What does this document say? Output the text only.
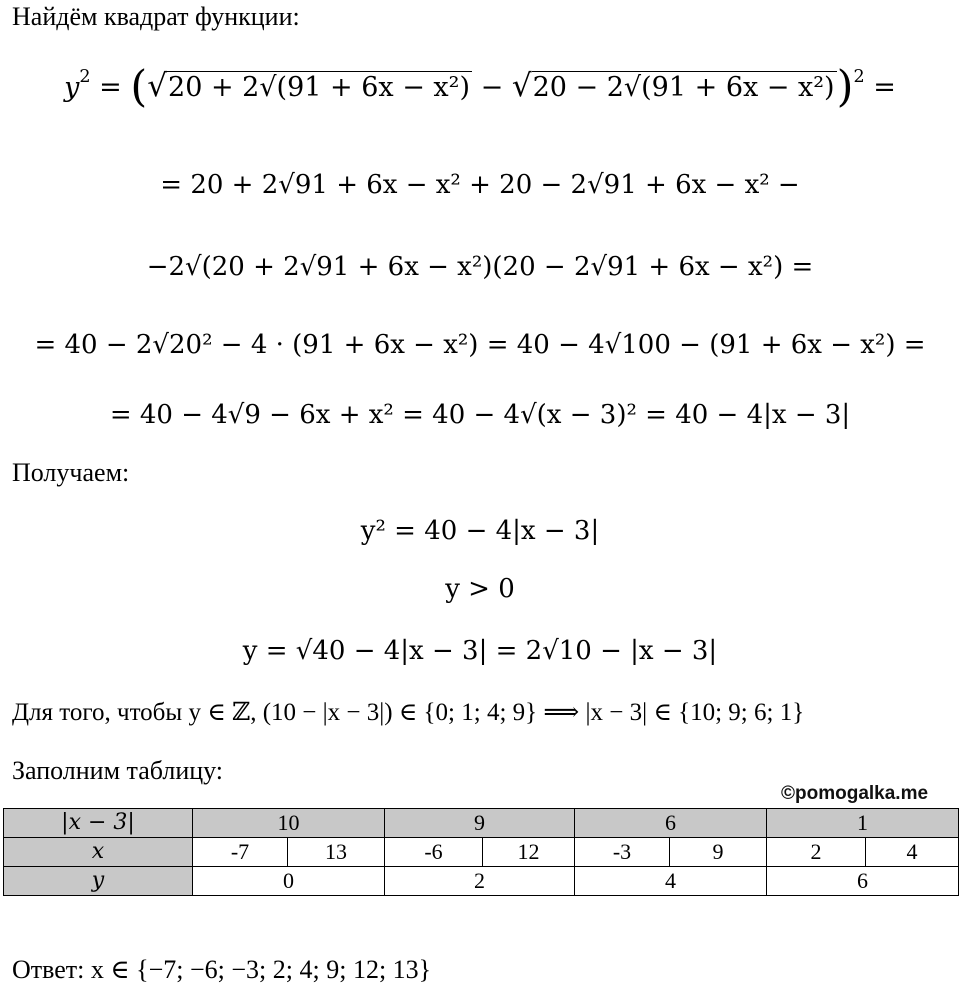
Найдём квадрат функции:
$y^2 = (√20 + 2√(91 + 6x - x^2) - √20 - 2√(91 + 6x - x^2))^2$ =
= 20 + 2√91 + 6x − x² + 20 − 2√91 + 6x − x² −
−2√(20 + 2√91 + 6x − x²)(20 − 2√91 + 6x − x²) =
= 40 − 2√20² − 4 · (91 + 6x − x²) = 40 − 4√100 − (91 + 6x − x²) =
= 40 − 4√9 − 6x + x² = 40 − 4√(x − 3)² = 40 − 4|x − 3|
Получаем:
y² = 40 − 4|x − 3|
y > 0
y = √40 − 4|x − 3| = 2√10 − |x − 3|
Для того, чтобы y ∈ ℤ, (10 − |x − 3|) ∈ {0; 1; 4; 9} ⟹ |x − 3| ∈ {10; 9; 6; 1}
Заполним таблицу:
©pomogalka.me
|x − 3|	10		9		6		1	
x	-7	13	-6	12	-3	9	2	4
y	0		2		4		6	
Ответ: x ∈ {−7; −6; −3; 2; 4; 9; 12; 13}
